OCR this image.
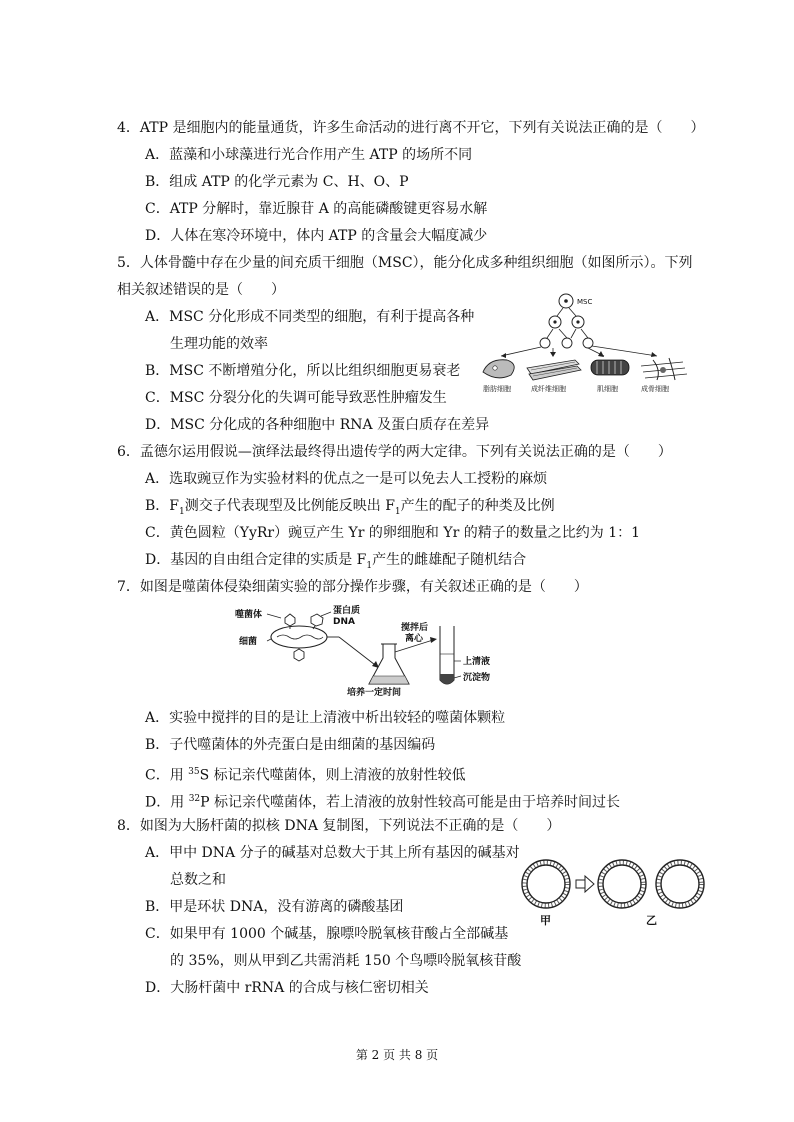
4．ATP 是细胞内的能量通货，许多生命活动的进行离不开它，下列有关说法正确的是（　　）
A．蓝藻和小球藻进行光合作用产生 ATP 的场所不同
B．组成 ATP 的化学元素为 C、H、O、P
C．ATP 分解时，靠近腺苷 A 的高能磷酸键更容易水解
D．人体在寒冷环境中，体内 ATP 的含量会大幅度减少
5．人体骨髓中存在少量的间充质干细胞（MSC），能分化成多种组织细胞（如图所示）。下列
相关叙述错误的是（　　）
A．MSC 分化形成不同类型的细胞，有利于提高各种
生理功能的效率
B．MSC 不断增殖分化，所以比组织细胞更易衰老
C．MSC 分裂分化的失调可能导致恶性肿瘤发生
D．MSC 分化成的各种细胞中 RNA 及蛋白质存在差异
MSC
脂肪细胞	成纤维细胞	肌细胞	成骨细胞
6．孟德尔运用假说—演绎法最终得出遗传学的两大定律。下列有关说法正确的是（　　）
A．选取豌豆作为实验材料的优点之一是可以免去人工授粉的麻烦
B．$F_1$测交子代表现型及比例能反映出 $F_1$产生的配子的种类及比例
C．黄色圆粒（YyRr）豌豆产生 Yr 的卵细胞和 Yr 的精子的数量之比约为 1：1
D．基因的自由组合定律的实质是 $F_1$产生的雌雄配子随机结合
7．如图是噬菌体侵染细菌实验的部分操作步骤，有关叙述正确的是（　　）
噬菌体	蛋白质
DNA
细菌
培养一定时间
搅拌后
离心
上清液
沉淀物
A．实验中搅拌的目的是让上清液中析出较轻的噬菌体颗粒
B．子代噬菌体的外壳蛋白是由细菌的基因编码
C．用 $^{35}$S 标记亲代噬菌体，则上清液的放射性较低
D．用 $^{32}$P 标记亲代噬菌体，若上清液的放射性较高可能是由于培养时间过长
8．如图为大肠杆菌的拟核 DNA 复制图，下列说法不正确的是（　　）
A．甲中 DNA 分子的碱基对总数大于其上所有基因的碱基对
总数之和
B．甲是环状 DNA，没有游离的磷酸基团
C．如果甲有 1000 个碱基，腺嘌呤脱氧核苷酸占全部碱基
的 35%，则从甲到乙共需消耗 150 个鸟嘌呤脱氧核苷酸
D．大肠杆菌中 rRNA 的合成与核仁密切相关
甲	乙
第 2 页 共 8 页
